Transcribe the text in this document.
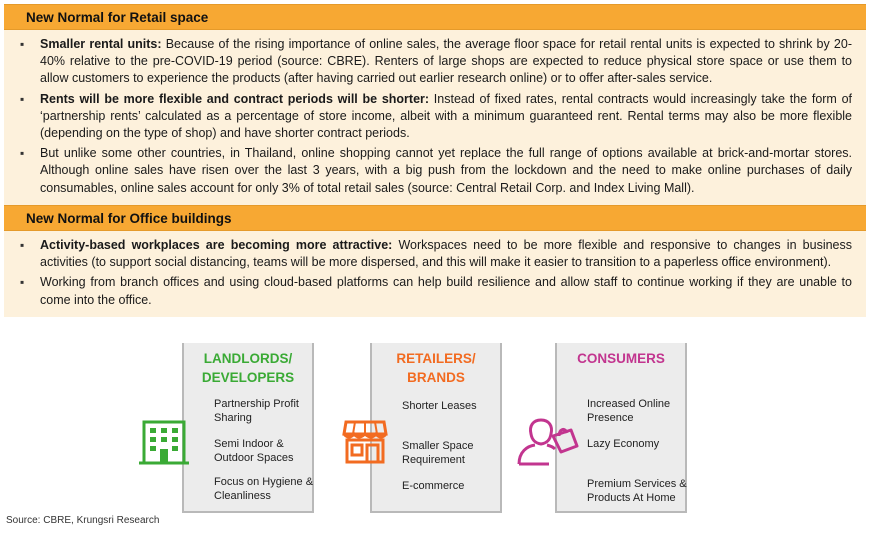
New Normal for Retail space
▪ Smaller rental units: Because of the rising importance of online sales, the average floor space for retail rental units is expected to shrink by 20-40% relative to the pre-COVID-19 period (source: CBRE). Renters of large shops are expected to reduce physical store space or use them to allow customers to experience the products (after having carried out earlier research online) or to offer after-sales service.
▪ Rents will be more flexible and contract periods will be shorter: Instead of fixed rates, rental contracts would increasingly take the form of ‘partnership rents’ calculated as a percentage of store income, albeit with a minimum guaranteed rent. Rental terms may also be more flexible (depending on the type of shop) and have shorter contract periods.
▪ But unlike some other countries, in Thailand, online shopping cannot yet replace the full range of options available at brick-and-mortar stores. Although online sales have risen over the last 3 years, with a big push from the lockdown and the need to make online purchases of daily consumables, online sales account for only 3% of total retail sales (source: Central Retail Corp. and Index Living Mall).
New Normal for Office buildings
▪ Activity-based workplaces are becoming more attractive: Workspaces need to be more flexible and responsive to changes in business activities (to support social distancing, teams will be more dispersed, and this will make it easier to transition to a paperless office environment).
▪ Working from branch offices and using cloud-based platforms can help build resilience and allow staff to continue working if they are unable to come into the office.
LANDLORDS/
DEVELOPERS
Partnership Profit Sharing
Semi Indoor & Outdoor Spaces
Focus on Hygiene & Cleanliness
RETAILERS/
BRANDS
Shorter Leases
Smaller Space Requirement
E-commerce
CONSUMERS
Increased Online Presence
Lazy Economy
Premium Services & Products At Home
Source: CBRE, Krungsri Research
